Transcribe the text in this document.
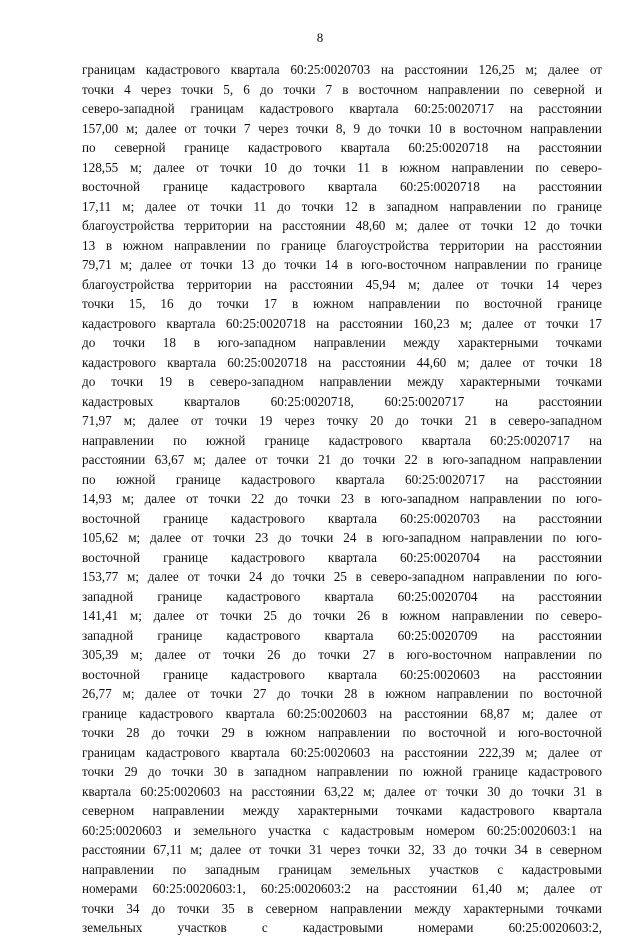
8
границам кадастрового квартала 60:25:0020703 на расстоянии 126,25 м; далее от
точки 4 через точки 5, 6 до точки 7 в восточном направлении по северной и
северо-западной границам кадастрового квартала 60:25:0020717 на расстоянии
157,00 м; далее от точки 7 через точки 8, 9 до точки 10 в восточном направлении
по северной границе кадастрового квартала 60:25:0020718 на расстоянии
128,55 м; далее от точки 10 до точки 11 в южном направлении по северо-
восточной границе кадастрового квартала 60:25:0020718 на расстоянии
17,11 м; далее от точки 11 до точки 12 в западном направлении по границе
благоустройства территории на расстоянии 48,60 м; далее от точки 12 до точки
13 в южном направлении по границе благоустройства территории на расстоянии
79,71 м; далее от точки 13 до точки 14 в юго-восточном направлении по границе
благоустройства территории на расстоянии 45,94 м; далее от точки 14 через
точки 15, 16 до точки 17 в южном направлении по восточной границе
кадастрового квартала 60:25:0020718 на расстоянии 160,23 м; далее от точки 17
до точки 18 в юго-западном направлении между характерными точками
кадастрового квартала 60:25:0020718 на расстоянии 44,60 м; далее от точки 18
до точки 19 в северо-западном направлении между характерными точками
кадастровых кварталов 60:25:0020718, 60:25:0020717 на расстоянии
71,97 м; далее от точки 19 через точку 20 до точки 21 в северо-западном
направлении по южной границе кадастрового квартала 60:25:0020717 на
расстоянии 63,67 м; далее от точки 21 до точки 22 в юго-западном направлении
по южной границе кадастрового квартала 60:25:0020717 на расстоянии
14,93 м; далее от точки 22 до точки 23 в юго-западном направлении по юго-
восточной границе кадастрового квартала 60:25:0020703 на расстоянии
105,62 м; далее от точки 23 до точки 24 в юго-западном направлении по юго-
восточной границе кадастрового квартала 60:25:0020704 на расстоянии
153,77 м; далее от точки 24 до точки 25 в северо-западном направлении по юго-
западной границе кадастрового квартала 60:25:0020704 на расстоянии
141,41 м; далее от точки 25 до точки 26 в южном направлении по северо-
западной границе кадастрового квартала 60:25:0020709 на расстоянии
305,39 м; далее от точки 26 до точки 27 в юго-восточном направлении по
восточной границе кадастрового квартала 60:25:0020603 на расстоянии
26,77 м; далее от точки 27 до точки 28 в южном направлении по восточной
границе кадастрового квартала 60:25:0020603 на расстоянии 68,87 м; далее от
точки 28 до точки 29 в южном направлении по восточной и юго-восточной
границам кадастрового квартала 60:25:0020603 на расстоянии 222,39 м; далее от
точки 29 до точки 30 в западном направлении по южной границе кадастрового
квартала 60:25:0020603 на расстоянии 63,22 м; далее от точки 30 до точки 31 в
северном направлении между характерными точками кадастрового квартала
60:25:0020603 и земельного участка с кадастровым номером 60:25:0020603:1 на
расстоянии 67,11 м; далее от точки 31 через точки 32, 33 до точки 34 в северном
направлении по западным границам земельных участков с кадастровыми
номерами 60:25:0020603:1, 60:25:0020603:2 на расстоянии 61,40 м; далее от
точки 34 до точки 35 в северном направлении между характерными точками
земельных участков с кадастровыми номерами 60:25:0020603:2,
